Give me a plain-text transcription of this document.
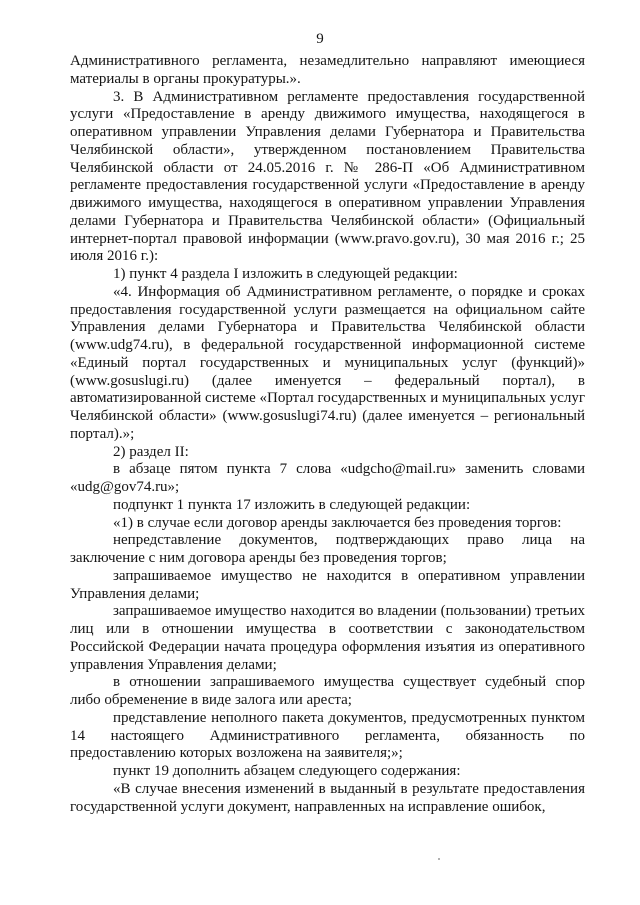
9

Административного регламента, незамедлительно направляют имеющиеся материалы в органы прокуратуры.».

3. В Административном регламенте предоставления государственной услуги «Предоставление в аренду движимого имущества, находящегося в оперативном управлении Управления делами Губернатора и Правительства Челябинской области», утвержденном постановлением Правительства Челябинской области от 24.05.2016 г. № 286-П «Об Административном регламенте предоставления государственной услуги «Предоставление в аренду движимого имущества, находящегося в оперативном управлении Управления делами Губернатора и Правительства Челябинской области» (Официальный интернет-портал правовой информации (www.pravo.gov.ru), 30 мая 2016 г.; 25 июля 2016 г.):

1) пункт 4 раздела I изложить в следующей редакции:

«4. Информация об Административном регламенте, о порядке и сроках предоставления государственной услуги размещается на официальном сайте Управления делами Губернатора и Правительства Челябинской области (www.udg74.ru), в федеральной государственной информационной системе «Единый портал государственных и муниципальных услуг (функций)» (www.gosuslugi.ru) (далее именуется – федеральный портал), в автоматизированной системе «Портал государственных и муниципальных услуг Челябинской области» (www.gosuslugi74.ru) (далее именуется – региональный портал).»;

2) раздел II:

в абзаце пятом пункта 7 слова «udgcho@mail.ru» заменить словами «udg@gov74.ru»;

подпункт 1 пункта 17 изложить в следующей редакции:

«1) в случае если договор аренды заключается без проведения торгов:

непредставление документов, подтверждающих право лица на заключение с ним договора аренды без проведения торгов;

запрашиваемое имущество не находится в оперативном управлении Управления делами;

запрашиваемое имущество находится во владении (пользовании) третьих лиц или в отношении имущества в соответствии с законодательством Российской Федерации начата процедура оформления изъятия из оперативного управления Управления делами;

в отношении запрашиваемого имущества существует судебный спор либо обременение в виде залога или ареста;

представление неполного пакета документов, предусмотренных пунктом 14 настоящего Административного регламента, обязанность по предоставлению которых возложена на заявителя;»;

пункт 19 дополнить абзацем следующего содержания:

«В случае внесения изменений в выданный в результате предоставления государственной услуги документ, направленных на исправление ошибок,
